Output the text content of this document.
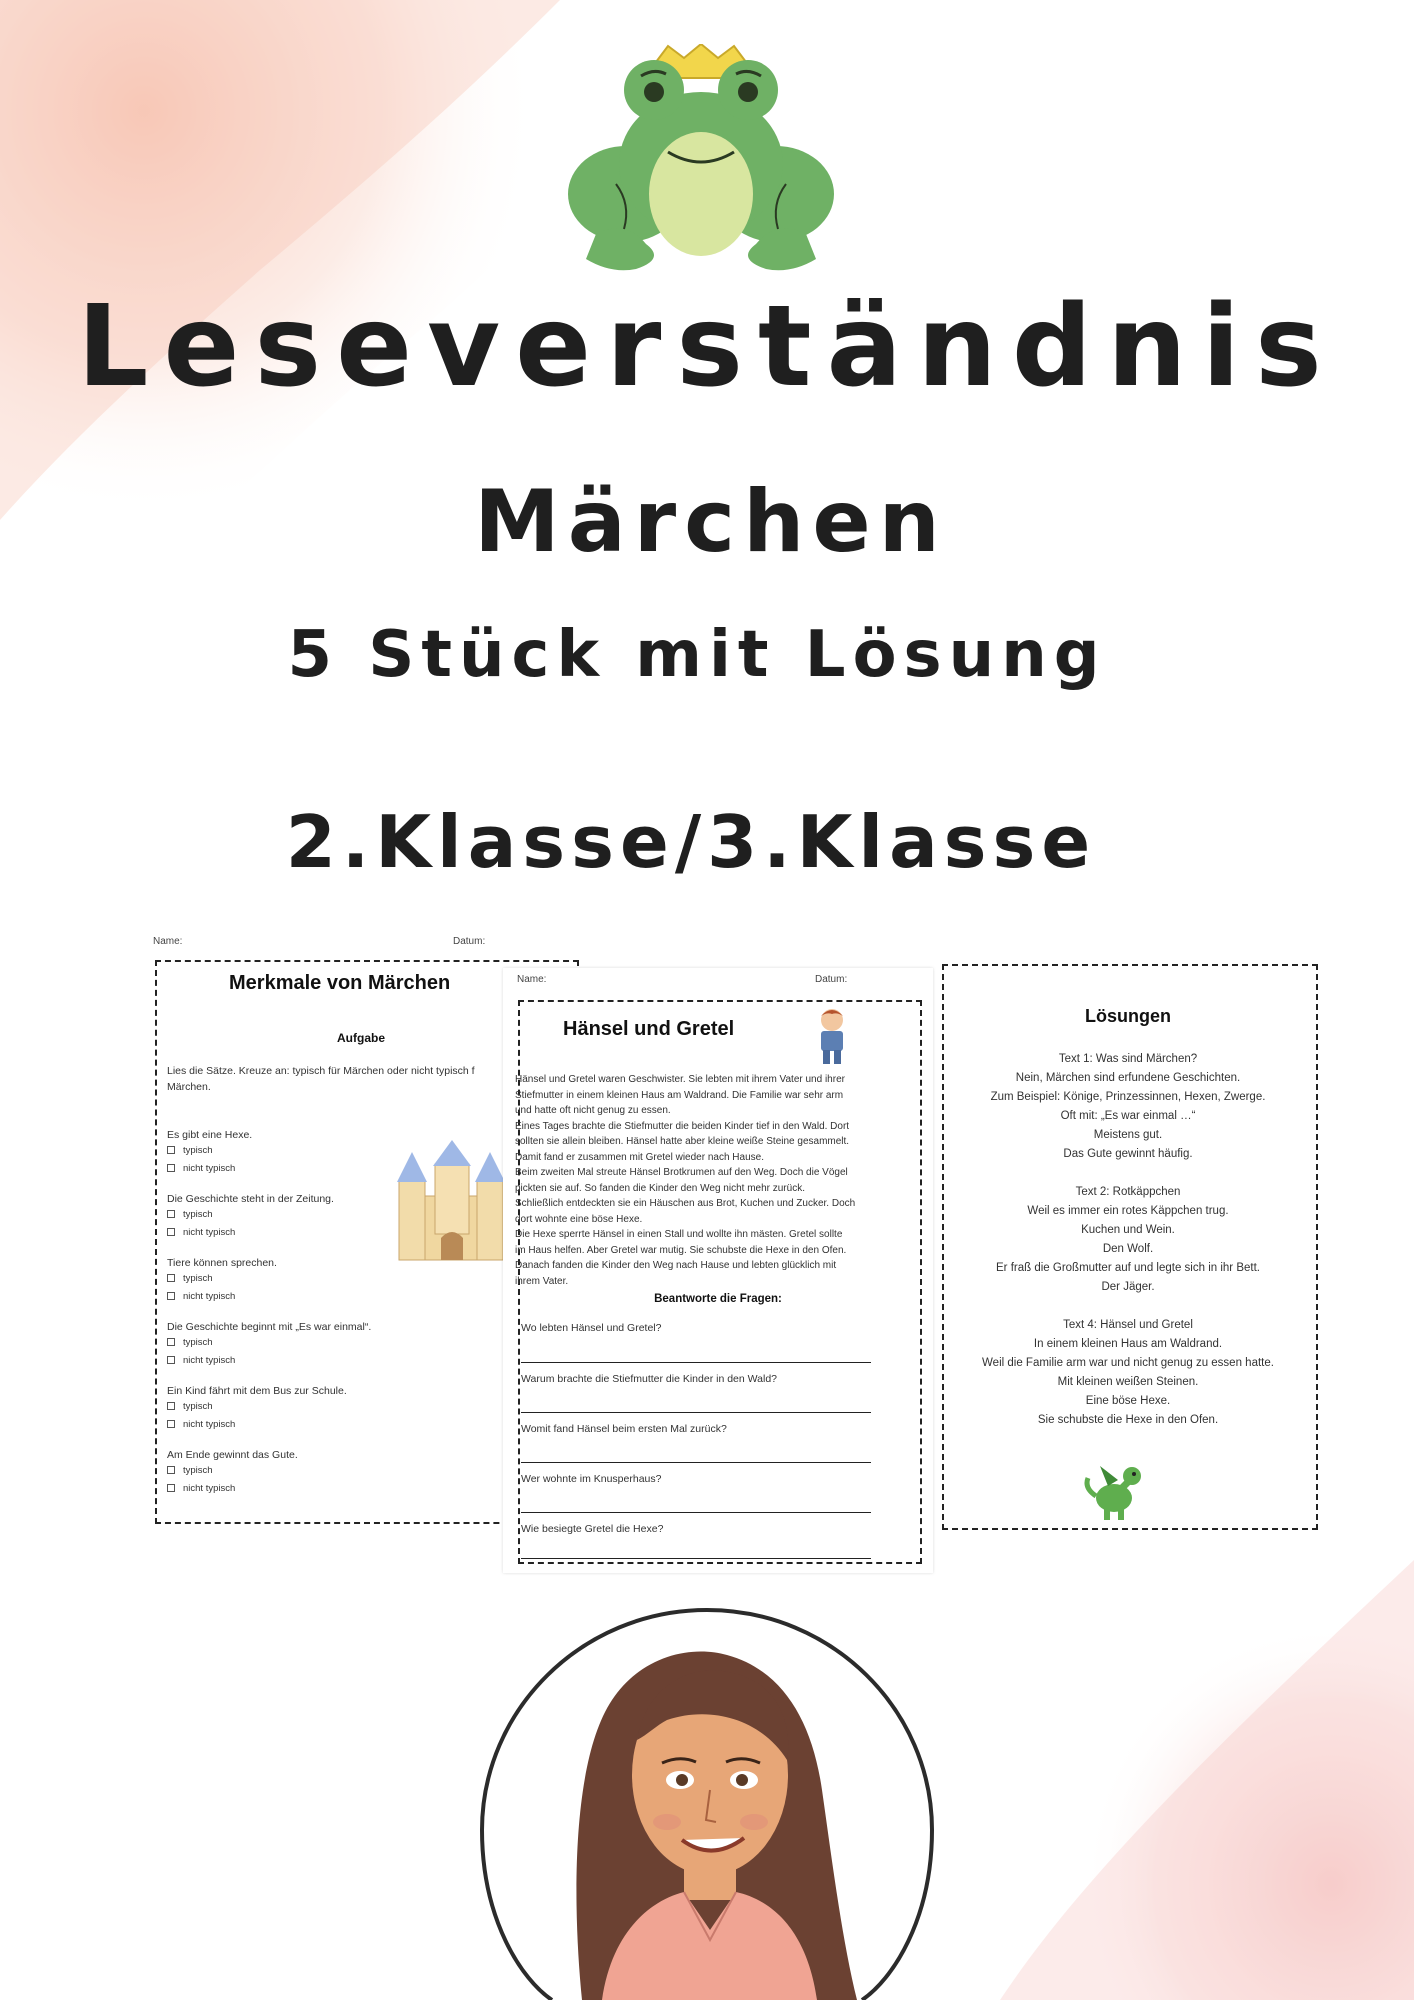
Leseverständnis
Märchen
5 Stück mit Lösung
2.Klasse/3.Klasse
Name:	Datum:
Merkmale von Märchen
Aufgabe
Lies die Sätze. Kreuze an: typisch für Märchen oder nicht typisch f
Märchen.
Es gibt eine Hexe.
typisch
nicht typisch
Die Geschichte steht in der Zeitung.
typisch
nicht typisch
Tiere können sprechen.
typisch
nicht typisch
Die Geschichte beginnt mit „Es war einmal“.
typisch
nicht typisch
Ein Kind fährt mit dem Bus zur Schule.
typisch
nicht typisch
Am Ende gewinnt das Gute.
typisch
nicht typisch
Lösungen
Text 1: Was sind Märchen?
Nein, Märchen sind erfundene Geschichten.
Zum Beispiel: Könige, Prinzessinnen, Hexen, Zwerge.
Oft mit: „Es war einmal …“
Meistens gut.
Das Gute gewinnt häufig.
Text 2: Rotkäppchen
Weil es immer ein rotes Käppchen trug.
Kuchen und Wein.
Den Wolf.
Er fraß die Großmutter auf und legte sich in ihr Bett.
Der Jäger.
Text 4: Hänsel und Gretel
In einem kleinen Haus am Waldrand.
Weil die Familie arm war und nicht genug zu essen hatte.
Mit kleinen weißen Steinen.
Eine böse Hexe.
Sie schubste die Hexe in den Ofen.
Name:	Datum:
Hänsel und Gretel
Hänsel und Gretel waren Geschwister. Sie lebten mit ihrem Vater und ihrer
Stiefmutter in einem kleinen Haus am Waldrand. Die Familie war sehr arm
und hatte oft nicht genug zu essen.
Eines Tages brachte die Stiefmutter die beiden Kinder tief in den Wald. Dort
sollten sie allein bleiben. Hänsel hatte aber kleine weiße Steine gesammelt.
Damit fand er zusammen mit Gretel wieder nach Hause.
Beim zweiten Mal streute Hänsel Brotkrumen auf den Weg. Doch die Vögel
pickten sie auf. So fanden die Kinder den Weg nicht mehr zurück.
Schließlich entdeckten sie ein Häuschen aus Brot, Kuchen und Zucker. Doch
dort wohnte eine böse Hexe.
Die Hexe sperrte Hänsel in einen Stall und wollte ihn mästen. Gretel sollte
im Haus helfen. Aber Gretel war mutig. Sie schubste die Hexe in den Ofen.
Danach fanden die Kinder den Weg nach Hause und lebten glücklich mit
ihrem Vater.
Beantworte die Fragen:
Wo lebten Hänsel und Gretel?
Warum brachte die Stiefmutter die Kinder in den Wald?
Womit fand Hänsel beim ersten Mal zurück?
Wer wohnte im Knusperhaus?
Wie besiegte Gretel die Hexe?
